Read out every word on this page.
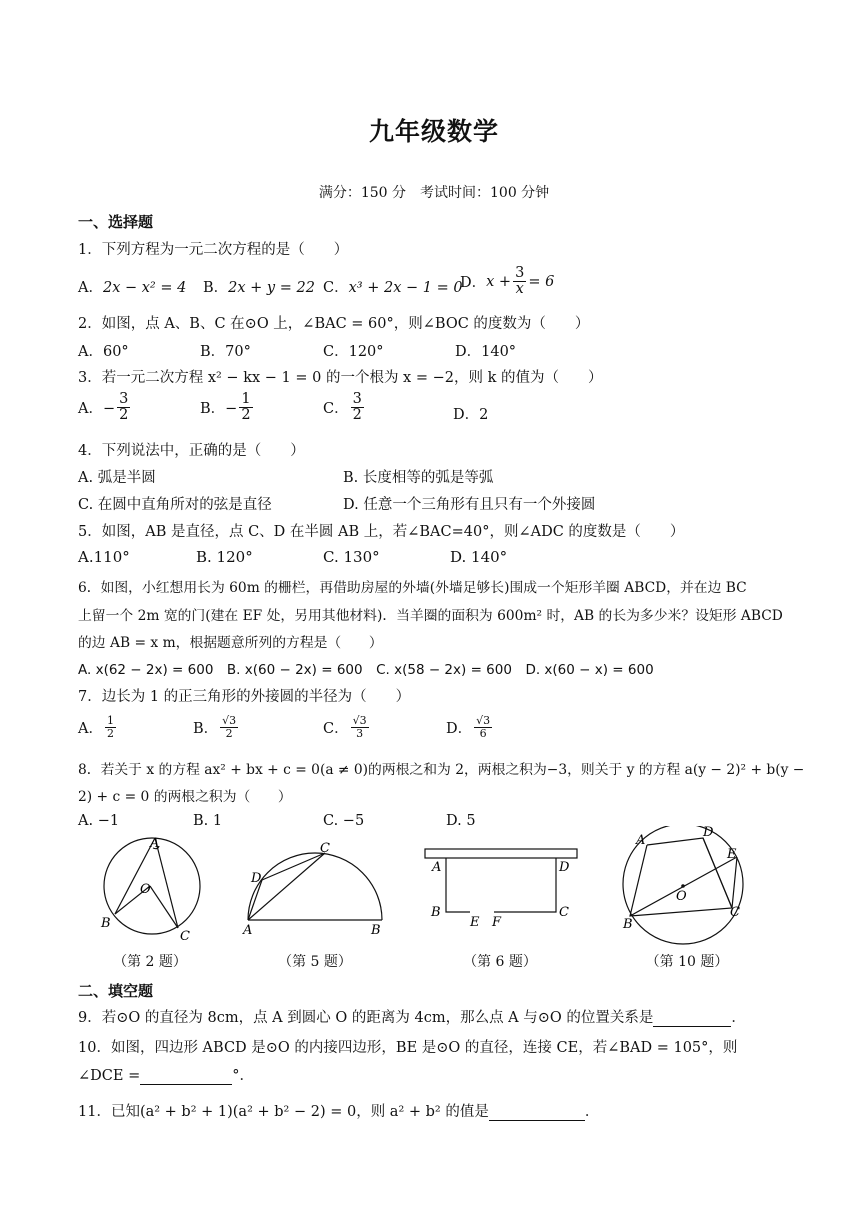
九年级数学
满分：150 分　考试时间：100 分钟
一、选择题
1．下列方程为一元二次方程的是（　　）
A．2x − x² = 4 B．2x + y = 22 C．x³ + 2x − 1 = 0
D． $x + \frac{3}{x} = 6$
2．如图，点 A、B、C 在⊙O 上，∠BAC = 60°，则∠BOC 的度数为（　　）
A．60°	B．70°	C．120°	D．140°
3．若一元二次方程 x² − kx − 1 = 0 的一个根为 x = −2，则 k 的值为（　　）
A．− $\frac{3}{2}$	B．− $\frac{1}{2}$	C． $\frac{3}{2}$	D．2
4．下列说法中，正确的是（　　）
A. 弧是半圆	B. 长度相等的弧是等弧
C. 在圆中直角所对的弦是直径	D. 任意一个三角形有且只有一个外接圆
5．如图，AB 是直径，点 C、D 在半圆 AB 上，若∠BAC=40°，则∠ADC 的度数是（　　）
A.110°	B. 120°	C. 130°	D. 140°
6．如图，小红想用长为 60m 的栅栏，再借助房屋的外墙(外墙足够长)围成一个矩形羊圈 ABCD，并在边 BC
上留一个 2m 宽的门(建在 EF 处，另用其他材料)．当羊圈的面积为 600m² 时，AB 的长为多少米？设矩形 ABCD
的边 AB = x m，根据题意所列的方程是（　　）
A. x(62 − 2x) = 600　B. x(60 − 2x) = 600　C. x(58 − 2x) = 600　D. x(60 − x) = 600
7．边长为 1 的正三角形的外接圆的半径为（　　）
A． $\frac{1}{2}$	B． $\frac{√3}{2}$	C． $\frac{√3}{3}$	D． $\frac{√3}{6}$
8．若关于 x 的方程 ax² + bx + c = 0(a ≠ 0)的两根之和为 2，两根之积为−3，则关于 y 的方程 a(y − 2)² + b(y −
2) + c = 0 的两根之积为（　　）
A. −1	B. 1	C. −5	D. 5
A
B
C
O
C
D
A	B
A	D
B	C
E F
A
D
E
C
B
O
（第 2 题）	（第 5 题）	（第 6 题）	（第 10 题）
二、填空题
9．若⊙O 的直径为 8cm，点 A 到圆心 O 的距离为 4cm，那么点 A 与⊙O 的位置关系是	．
10．如图，四边形 ABCD 是⊙O 的内接四边形，BE 是⊙O 的直径，连接 CE，若∠BAD = 105°，则
∠DCE =	°．
11．已知(a² + b² + 1)(a² + b² − 2) = 0，则 a² + b² 的值是	．
